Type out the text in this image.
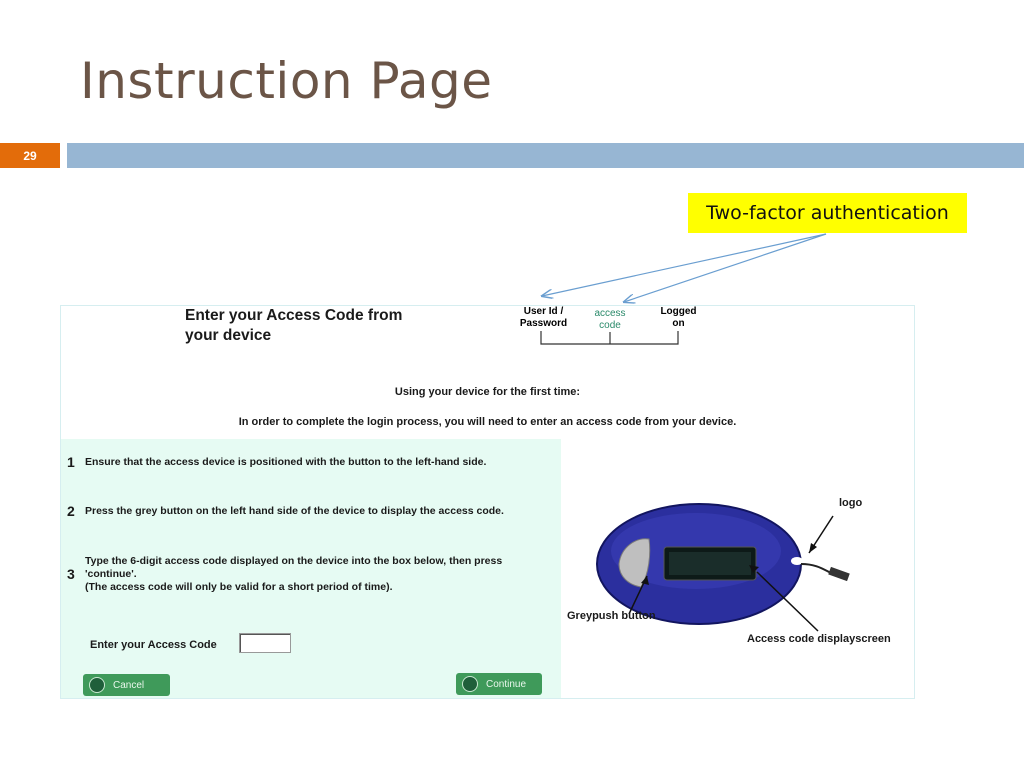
Instruction Page
29
Two-factor authentication
Enter your Access Code from
your device
User Id /
Password
access
code
Logged
on
Using your device for the first time:
In order to complete the login process, you will need to enter an access code from your device.
1 Ensure that the access device is positioned with the button to the left-hand side.
2 Press the grey button on the left hand side of the device to display the access code.
3
Type the 6-digit access code displayed on the device into the box below, then press
'continue'.
(The access code will only be valid for a short period of time).
Enter your Access Code
Cancel	Continue
logo
Greypush button
Access code displayscreen
